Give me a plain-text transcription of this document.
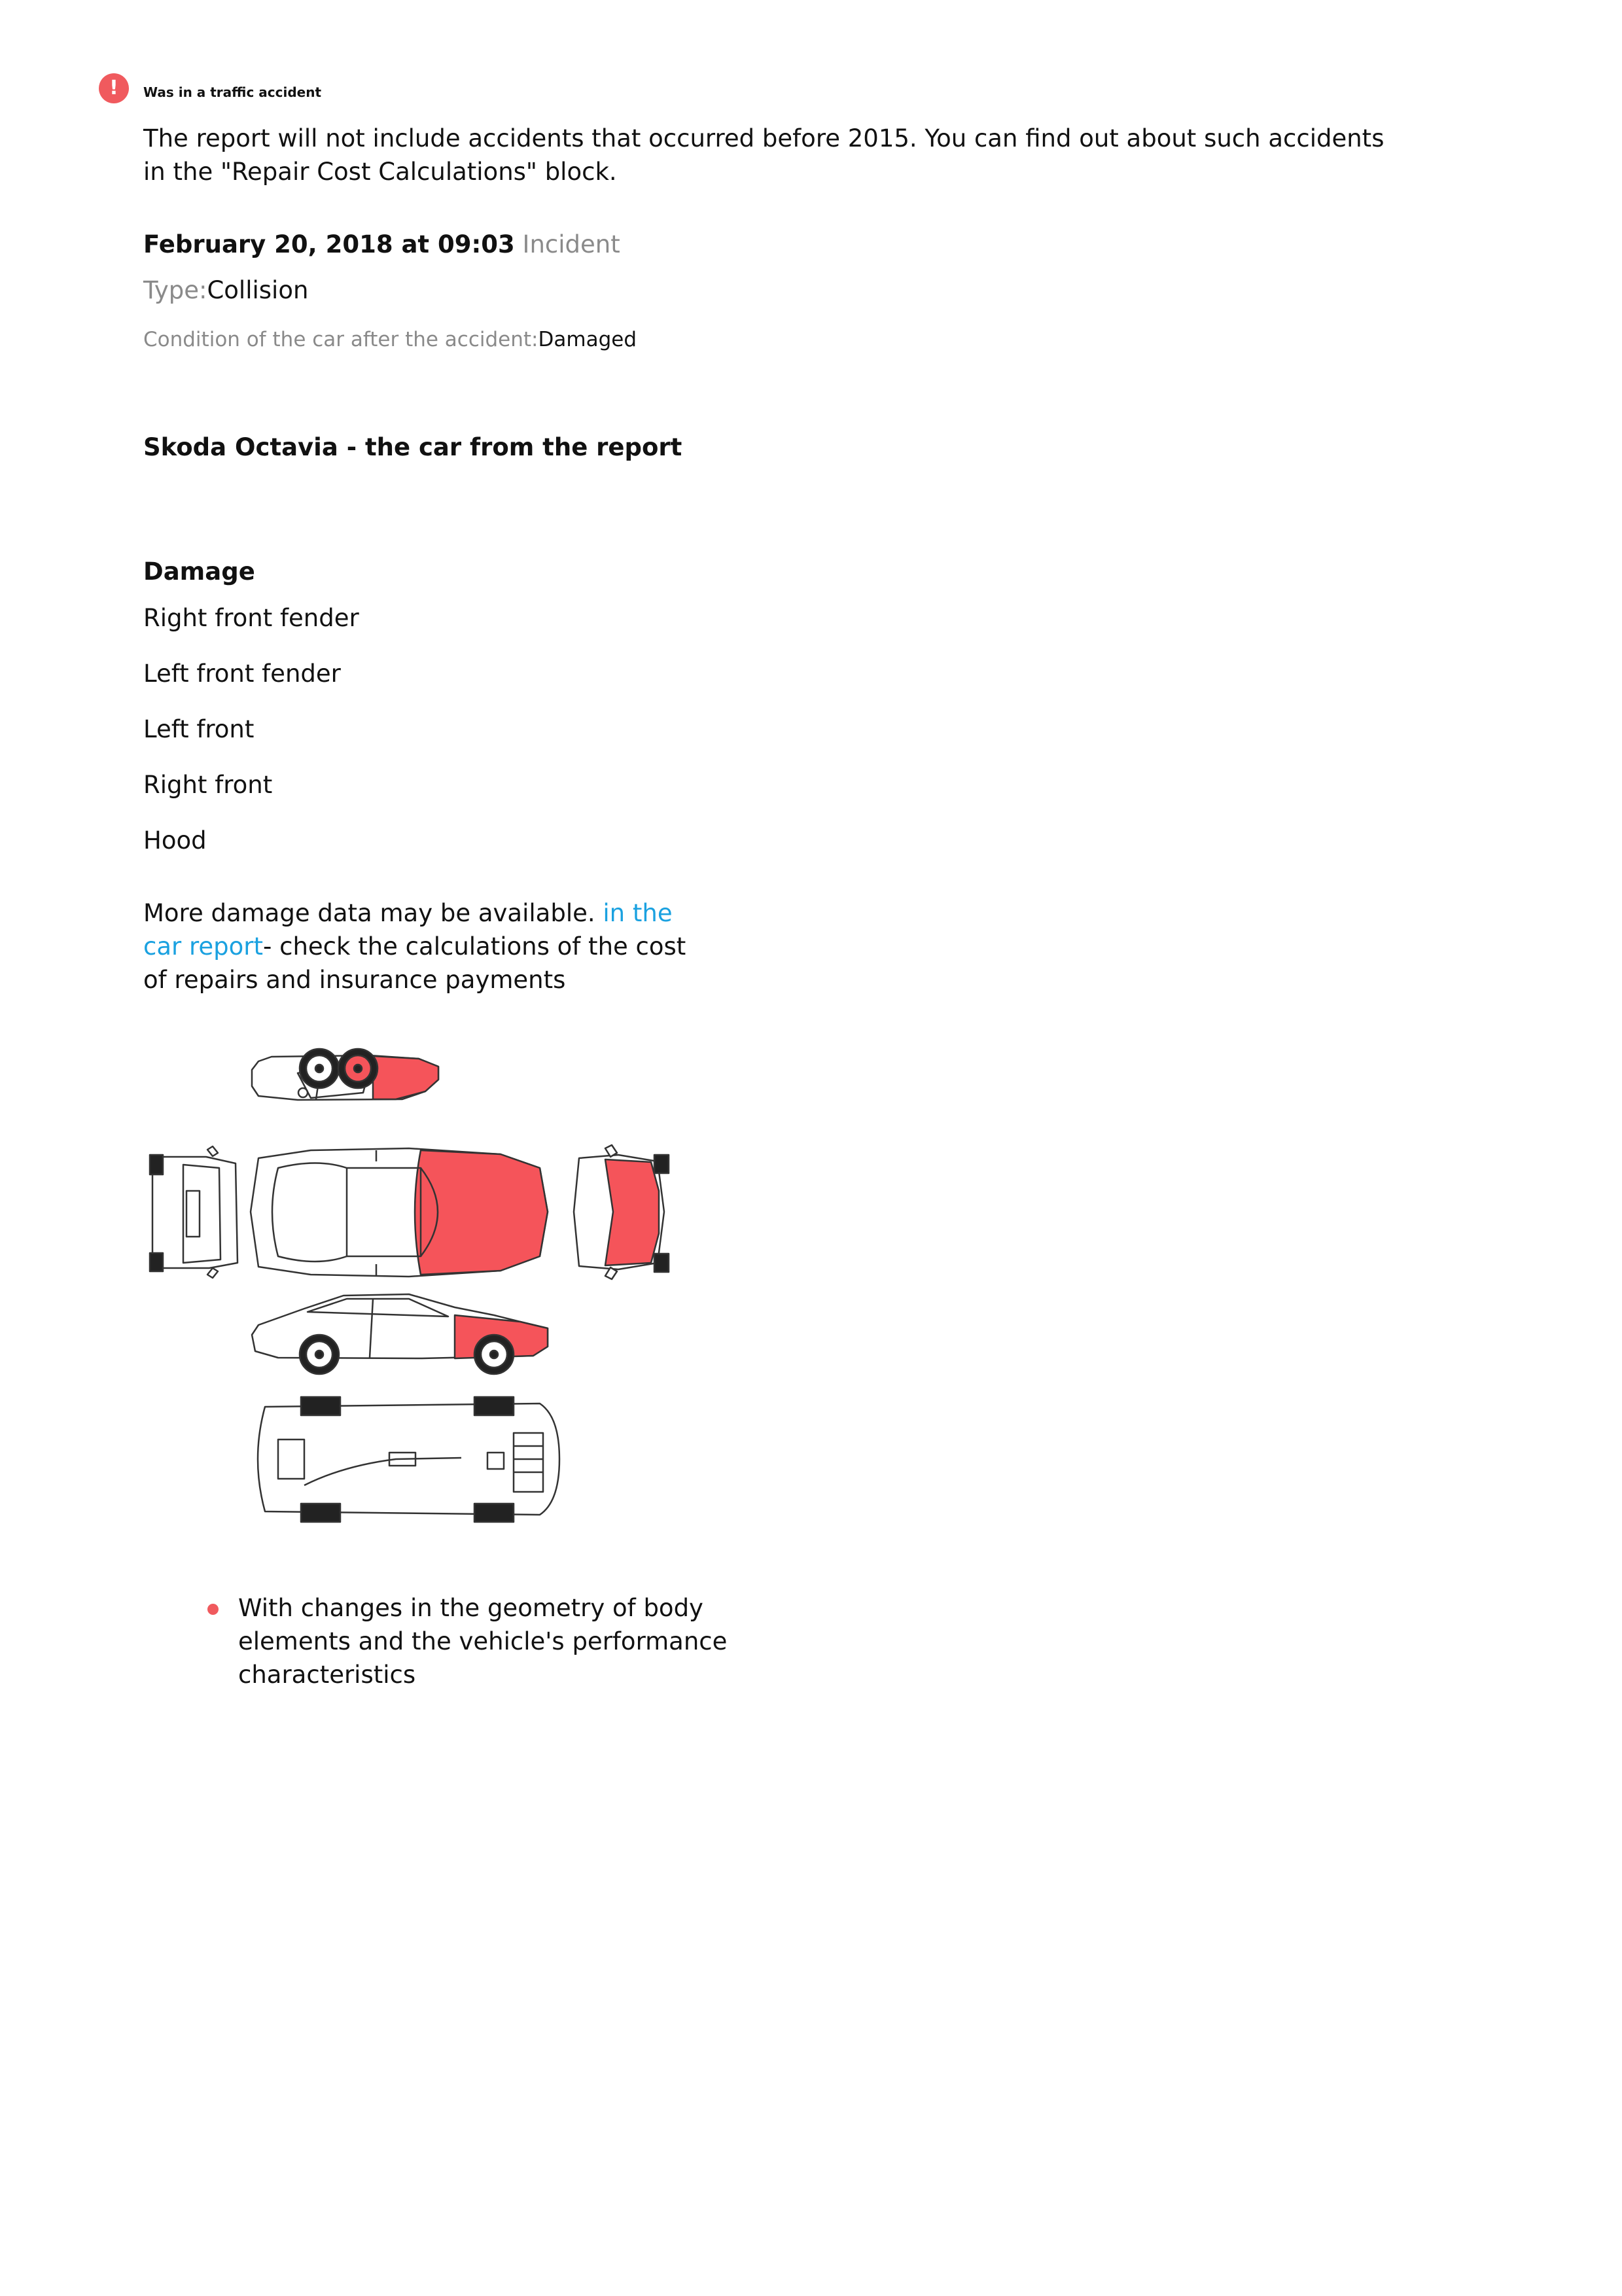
!	Was in a traffic accident
The report will not include accidents that occurred before 2015. You can find out about such accidents in the "Repair Cost Calculations" block.
February 20, 2018 at 09:03 Incident
Type:Collision
Condition of the car after the accident:Damaged
Skoda Octavia - the car from the report
Damage
Right front fender
Left front fender
Left front
Right front
Hood
More damage data may be available. in the car report- check the calculations of the cost of repairs and insurance payments
With changes in the geometry of body elements and the vehicle's performance characteristics
